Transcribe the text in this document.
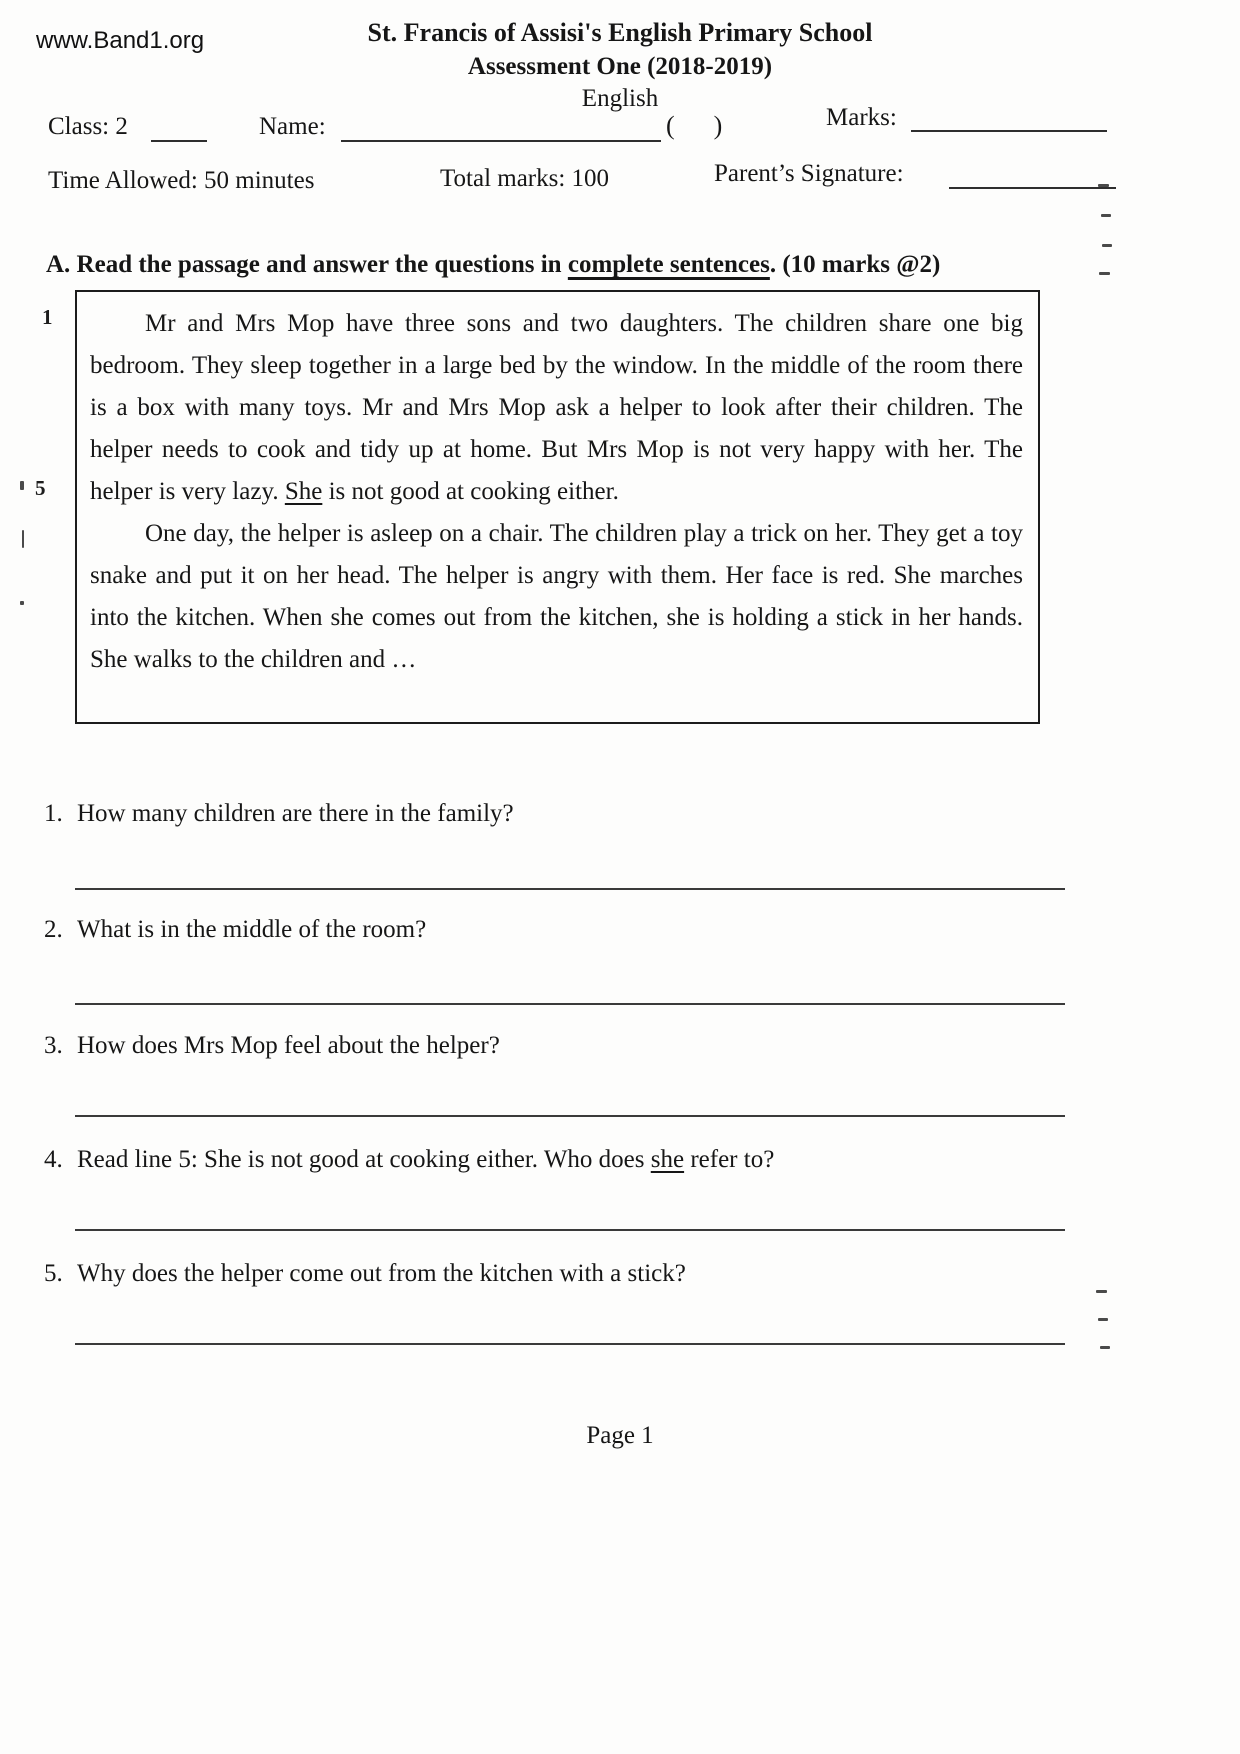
www.Band1.org	St. Francis of Assisi's English Primary School
Assessment One (2018-2019)
English
Class: 2	Name:	(      )	Marks:
Time Allowed: 50 minutes	Total marks: 100	Parent’s Signature:
A. Read the passage and answer the questions in complete sentences. (10 marks @2)
1
5

Mr and Mrs Mop have three sons and two daughters. The children share one big bedroom. They sleep together in a large bed by the window. In the middle of the room there is a box with many toys. Mr and Mrs Mop ask a helper to look after their children. The helper needs to cook and tidy up at home. But Mrs Mop is not very happy with her. The helper is very lazy. She is not good at cooking either.

One day, the helper is asleep on a chair. The children play a trick on her. They get a toy snake and put it on her head. The helper is angry with them. Her face is red. She marches into the kitchen. When she comes out from the kitchen, she is holding a stick in her hands. She walks to the children and …

1. How many children are there in the family?
2. What is in the middle of the room?
3. How does Mrs Mop feel about the helper?
4. Read line 5: She is not good at cooking either. Who does she refer to?
5. Why does the helper come out from the kitchen with a stick?
Page 1
